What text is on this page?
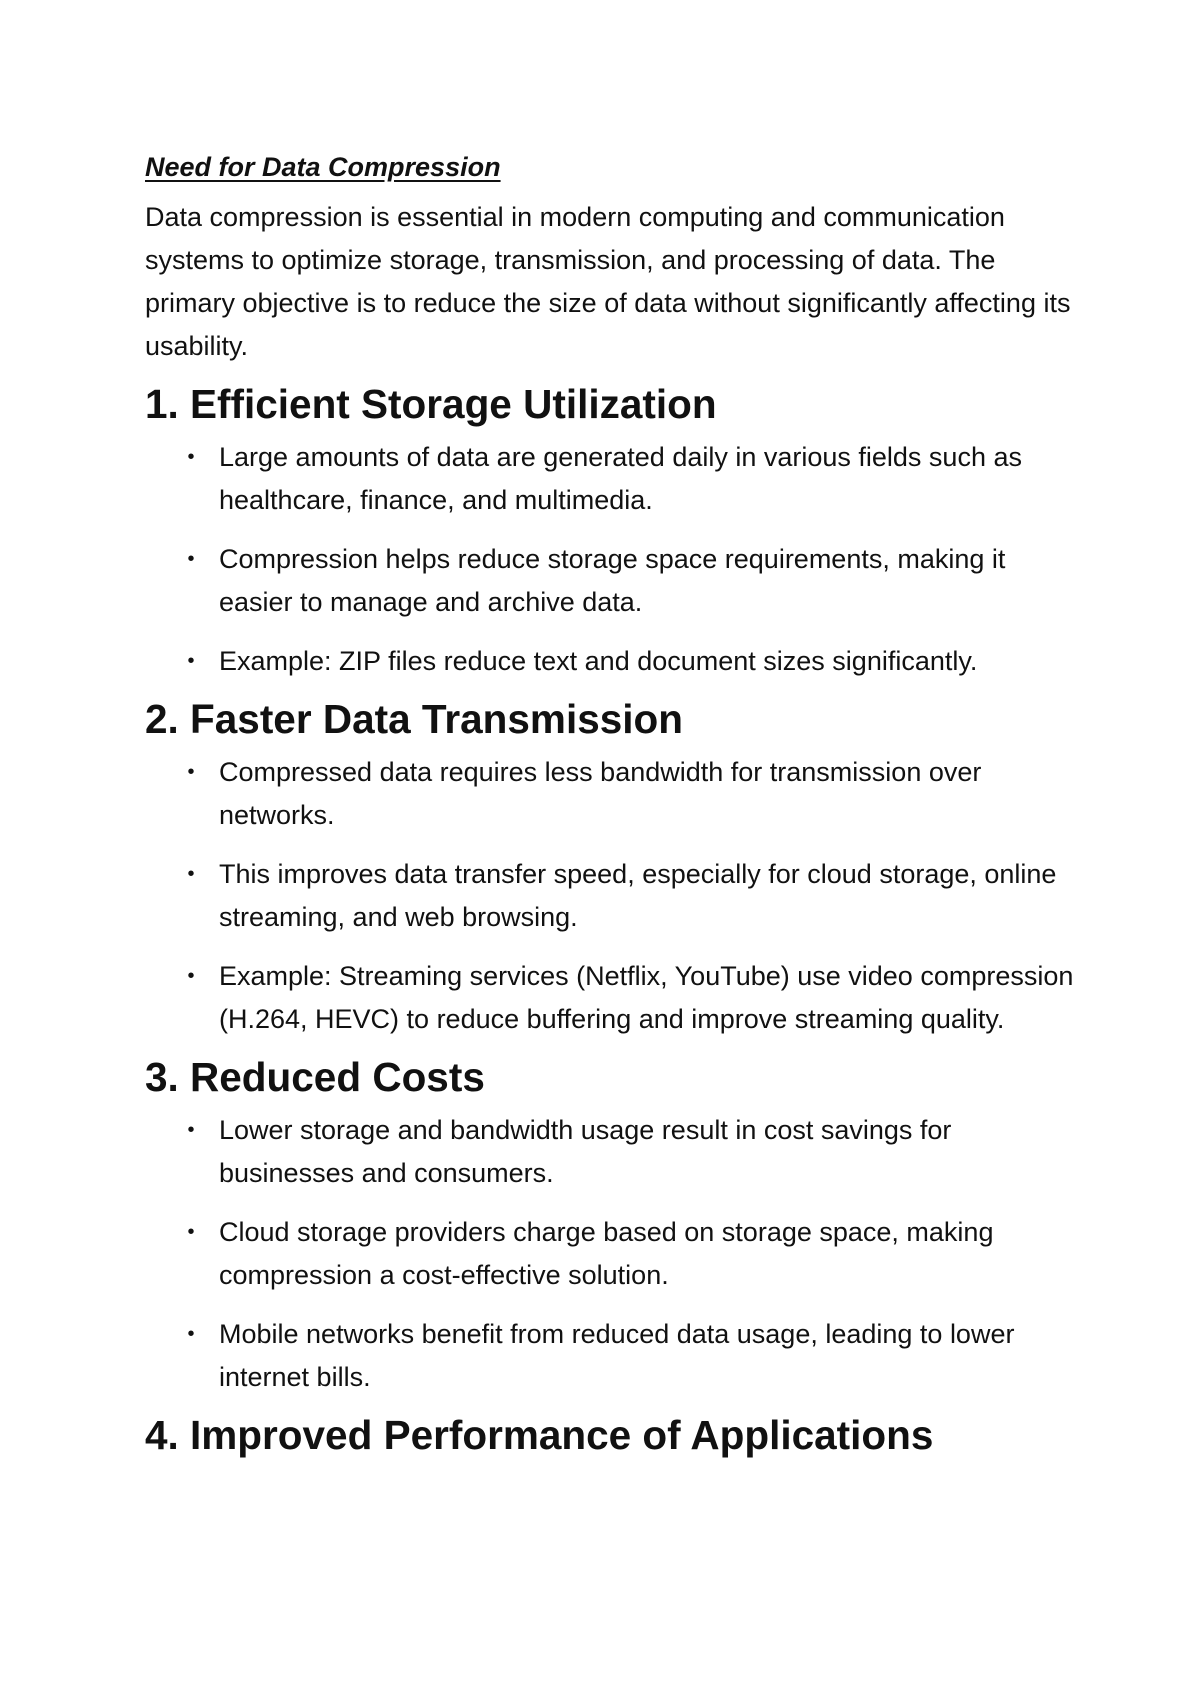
Need for Data Compression

Data compression is essential in modern computing and communication systems to optimize storage, transmission, and processing of data. The primary objective is to reduce the size of data without significantly affecting its usability.

1. Efficient Storage Utilization
• Large amounts of data are generated daily in various fields such as healthcare, finance, and multimedia.
• Compression helps reduce storage space requirements, making it easier to manage and archive data.
• Example: ZIP files reduce text and document sizes significantly.
2. Faster Data Transmission
• Compressed data requires less bandwidth for transmission over networks.
• This improves data transfer speed, especially for cloud storage, online streaming, and web browsing.
• Example: Streaming services (Netflix, YouTube) use video compression (H.264, HEVC) to reduce buffering and improve streaming quality.
3. Reduced Costs
• Lower storage and bandwidth usage result in cost savings for businesses and consumers.
• Cloud storage providers charge based on storage space, making compression a cost-effective solution.
• Mobile networks benefit from reduced data usage, leading to lower internet bills.
4. Improved Performance of Applications
